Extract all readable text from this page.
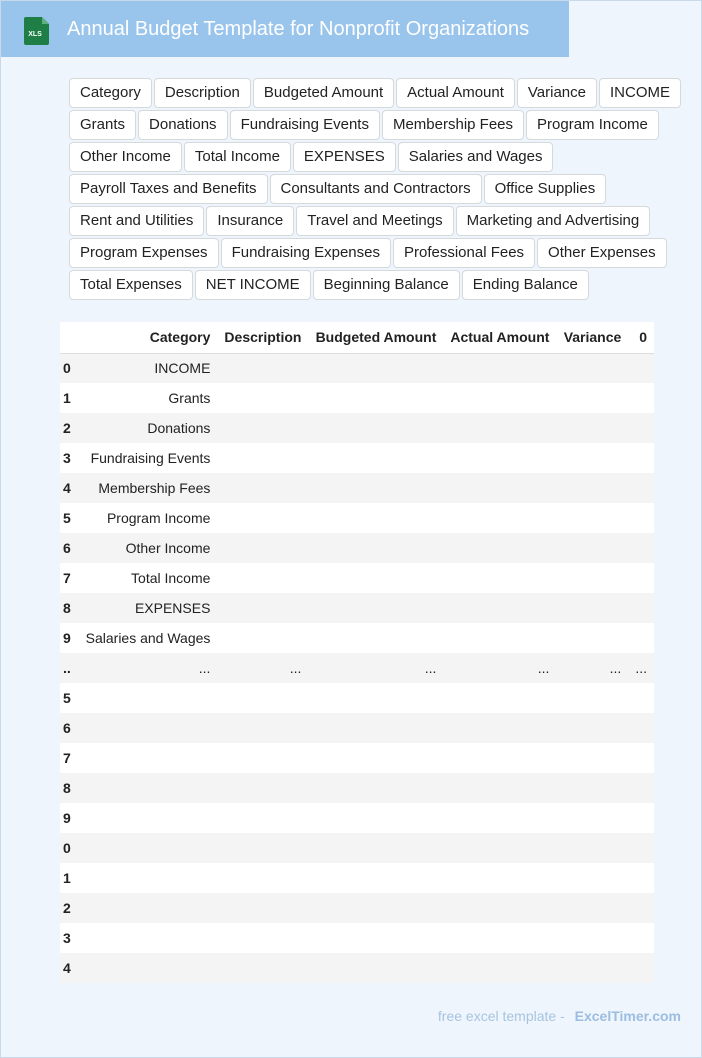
XLS Annual Budget Template for Nonprofit Organizations
Category	Description	Budgeted Amount	Actual Amount	Variance	INCOME
Grants	Donations	Fundraising Events	Membership Fees	Program Income
Other Income	Total Income	EXPENSES	Salaries and Wages
Payroll Taxes and Benefits	Consultants and Contractors	Office Supplies
Rent and Utilities	Insurance	Travel and Meetings	Marketing and Advertising
Program Expenses	Fundraising Expenses	Professional Fees	Other Expenses
Total Expenses	NET INCOME	Beginning Balance	Ending Balance
	Category	Description	Budgeted Amount	Actual Amount	Variance	0
0	INCOME					
1	Grants					
2	Donations					
3	Fundraising Events					
4	Membership Fees					
5	Program Income					
6	Other Income					
7	Total Income					
8	EXPENSES					
9	Salaries and Wages					
..	...	...	...	...	...	...
5						
6						
7						
8						
9						
0						
1						
2						
3						
4						
free excel template - ExcelTimer.com
